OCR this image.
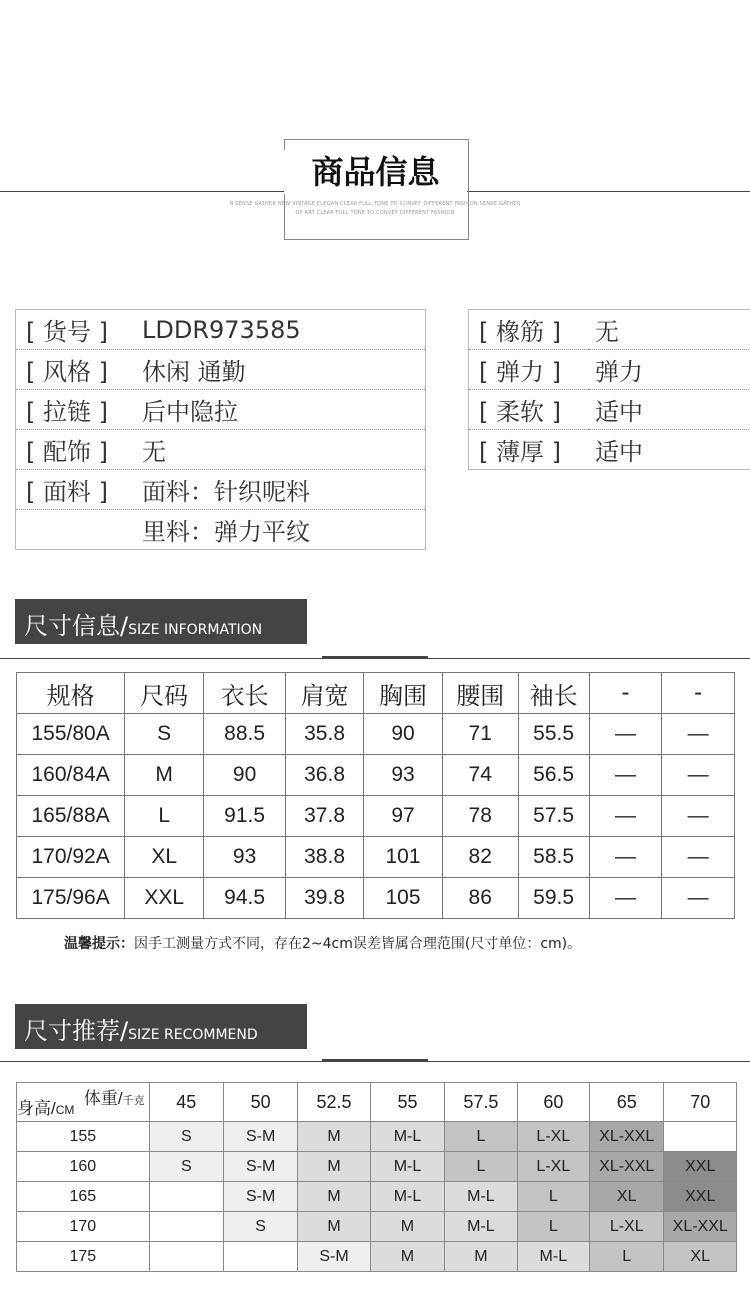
商品信息
N SENSE GATHER NEW VINTAGE ELEGAN CLEAR FULL TONE TO CONVEY DIFFERENT FASHION SENSE GATHER
OP ART CLEAR FULL TONE TO CONVEY DIFFERENT FASHION
[ 货号 ]	LDDR973585
[ 风格 ]	休闲 通勤
[ 拉链 ]	后中隐拉
[ 配饰 ]	无
[ 面料 ]	面料：针织呢料
	里料：弹力平纹
[ 橡筋 ]	无
[ 弹力 ]	弹力
[ 柔软 ]	适中
[ 薄厚 ]	适中
尺寸信息/SIZE INFORMATION
规格	尺码	衣长	肩宽	胸围	腰围	袖长	-	-
155/80A	S	88.5	35.8	90	71	55.5	—	—
160/84A	M	90	36.8	93	74	56.5	—	—
165/88A	L	91.5	37.8	97	78	57.5	—	—
170/92A	XL	93	38.8	101	82	58.5	—	—
175/96A	XXL	94.5	39.8	105	86	59.5	—	—
温馨提示：因手工测量方式不同，存在2~4cm误差皆属合理范围(尺寸单位：cm)。
尺寸推荐/SIZE RECOMMEND
体重/千克
身高/CM	45	50	52.5	55	57.5	60	65	70
155	S	S-M	M	M-L	L	L-XL	XL-XXL	
160	S	S-M	M	M-L	L	L-XL	XL-XXL	XXL
165		S-M	M	M-L	M-L	L	XL	XXL
170		S	M	M	M-L	L	L-XL	XL-XXL
175			S-M	M	M	M-L	L	XL
